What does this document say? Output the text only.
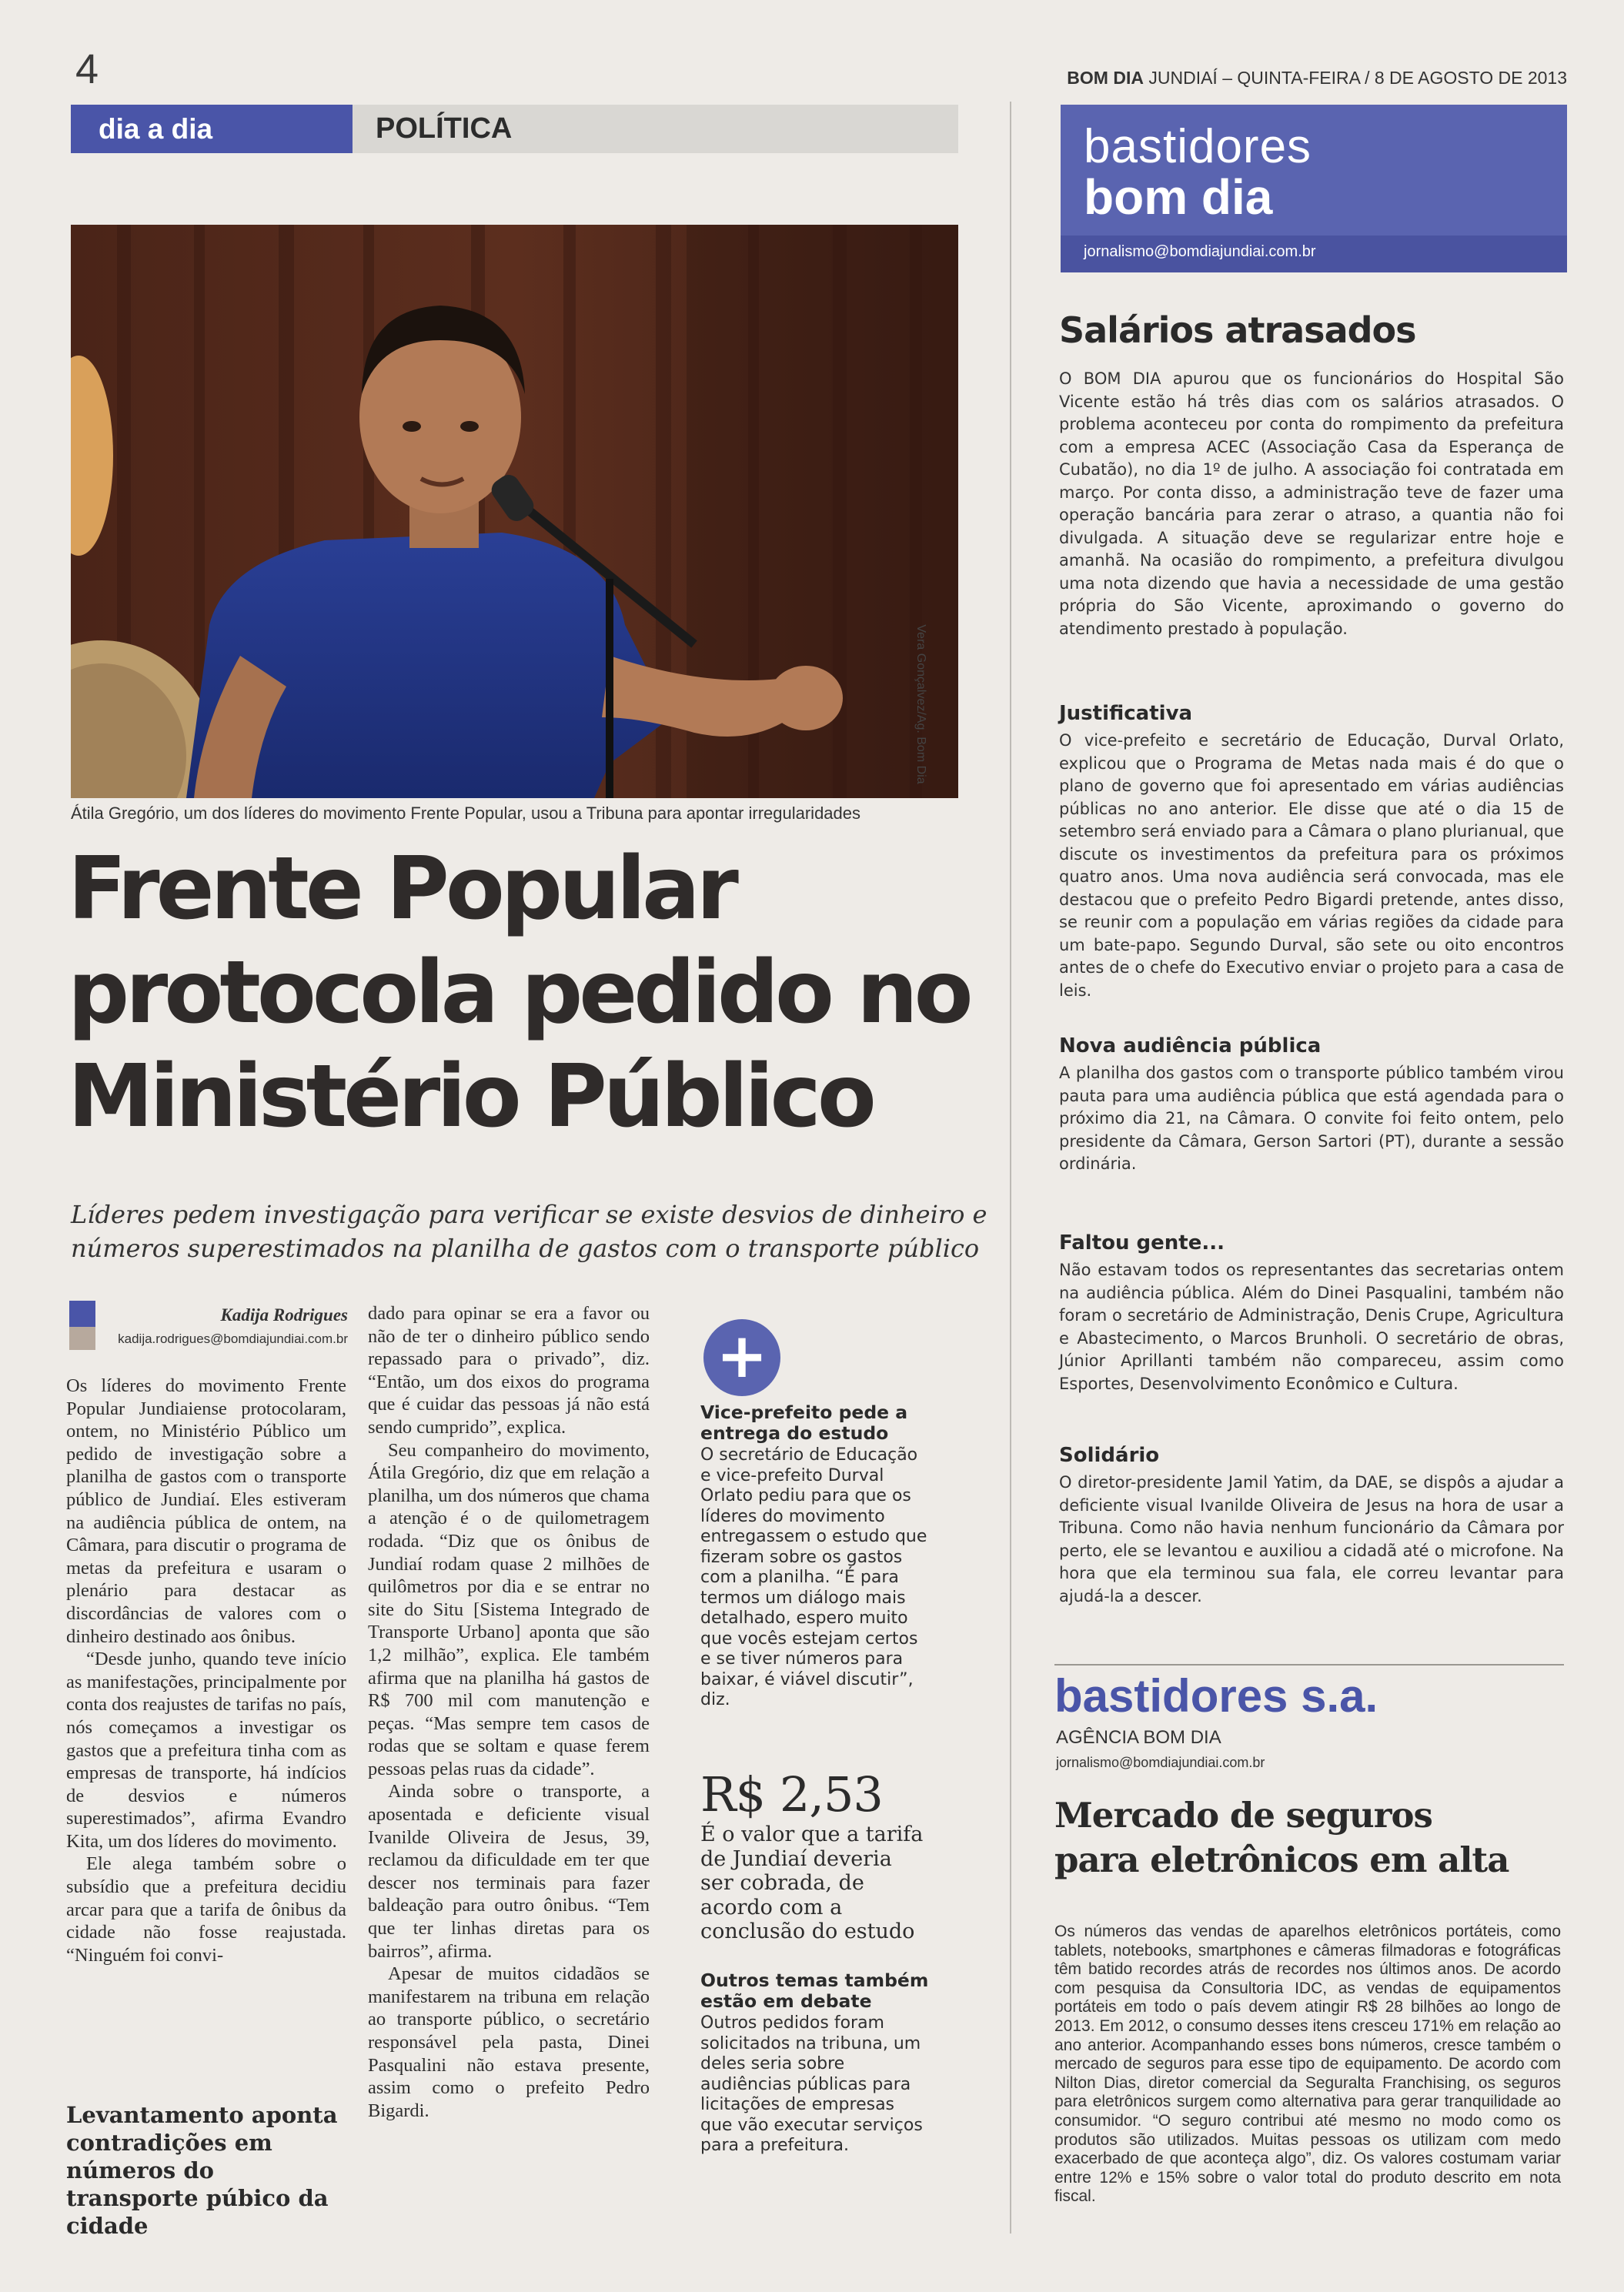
4	BOM DIA JUNDIAÍ – QUINTA-FEIRA / 8 DE AGOSTO DE 2013
dia a dia	POLÍTICA
Vera Gonçalvez/Ag. Bom Dia
Átila Gregório, um dos líderes do movimento Frente Popular, usou a Tribuna para apontar irregularidades
Frente Popular
protocola pedido no
Ministério Público
Líderes pedem investigação para verificar se existe desvios de dinheiro e
números superestimados na planilha de gastos com o transporte público
Kadija Rodrigues
kadija.rodrigues@bomdiajundiai.com.br

Os líderes do movimento Frente Popular Jundiaiense protocolaram, ontem, no Ministério Público um pedido de investigação sobre a planilha de gastos com o transporte público de Jundiaí. Eles estiveram na audiência pública de ontem, na Câmara, para discutir o programa de metas da prefeitura e usaram o plenário para destacar as discordâncias de valores com o dinheiro destinado aos ônibus.

“Desde junho, quando teve início as manifestações, principalmente por conta dos reajustes de tarifas no país, nós começamos a investigar os gastos que a prefeitura tinha com as empresas de transporte, há indícios de desvios e números superestimados”, afirma Evandro Kita, um dos líderes do movimento.

Ele alega também sobre o subsídio que a prefeitura decidiu arcar para que a tarifa de ônibus da cidade não fosse reajustada. “Ninguém foi convi-

Levantamento aponta contradições em números do transporte púbico da cidade

dado para opinar se era a favor ou não de ter o dinheiro público sendo repassado para o privado”, diz. “Então, um dos eixos do programa que é cuidar das pessoas já não está sendo cumprido”, explica.

Seu companheiro do movimento, Átila Gregório, diz que em relação a planilha, um dos números que chama a atenção é o de quilometragem rodada. “Diz que os ônibus de Jundiaí rodam quase 2 milhões de quilômetros por dia e se entrar no site do Situ [Sistema Integrado de Transporte Urbano] aponta que são 1,2 milhão”, explica. Ele também afirma que na planilha há gastos de R$ 700 mil com manutenção e peças. “Mas sempre tem casos de rodas que se soltam e quase ferem pessoas pelas ruas da cidade”.

Ainda sobre o transporte, a aposentada e deficiente visual Ivanilde Oliveira de Jesus, 39, reclamou da dificuldade em ter que descer nos terminais para fazer baldeação para outro ônibus. “Tem que ter linhas diretas para os bairros”, afirma.

Apesar de muitos cidadãos se manifestarem na tribuna em relação ao transporte público, o secretário responsável pela pasta, Dinei Pasqualini não estava presente, assim como o prefeito Pedro Bigardi.

+
Vice-prefeito pede a entrega do estudo
O secretário de Educação e vice-prefeito Durval Orlato pediu para que os líderes do movimento entregassem o estudo que fizeram sobre os gastos com a planilha. “É para termos um diálogo mais detalhado, espero muito que vocês estejam certos e se tiver números para baixar, é viável discutir”, diz.
R$ 2,53
É o valor que a tarifa de Jundiaí deveria ser cobrada, de acordo com a conclusão do estudo
Outros temas também estão em debate
Outros pedidos foram solicitados na tribuna, um deles seria sobre audiências públicas para licitações de empresas que vão executar serviços para a prefeitura.
bastidores
bom dia
jornalismo@bomdiajundiai.com.br
Salários atrasados
O BOM DIA apurou que os funcionários do Hospital São Vicente estão há três dias com os salários atrasados. O problema aconteceu por conta do rompimento da prefeitura com a empresa ACEC (Associação Casa da Esperança de Cubatão), no dia 1º de julho. A associação foi contratada em março. Por conta disso, a administração teve de fazer uma operação bancária para zerar o atraso, a quantia não foi divulgada. A situação deve se regularizar entre hoje e amanhã. Na ocasião do rompimento, a prefeitura divulgou uma nota dizendo que havia a necessidade de uma gestão própria do São Vicente, aproximando o governo do atendimento prestado à população.
Justificativa
O vice-prefeito e secretário de Educação, Durval Orlato, explicou que o Programa de Metas nada mais é do que o plano de governo que foi apresentado em várias audiências públicas no ano anterior. Ele disse que até o dia 15 de setembro será enviado para a Câmara o plano plurianual, que discute os investimentos da prefeitura para os próximos quatro anos. Uma nova audiência será convocada, mas ele destacou que o prefeito Pedro Bigardi pretende, antes disso, se reunir com a população em várias regiões da cidade para um bate-papo. Segundo Durval, são sete ou oito encontros antes de o chefe do Executivo enviar o projeto para a casa de leis.
Nova audiência pública
A planilha dos gastos com o transporte público também virou pauta para uma audiência pública que está agendada para o próximo dia 21, na Câmara. O convite foi feito ontem, pelo presidente da Câmara, Gerson Sartori (PT), durante a sessão ordinária.
Faltou gente...
Não estavam todos os representantes das secretarias ontem na audiência pública. Além do Dinei Pasqualini, também não foram o secretário de Administração, Denis Crupe, Agricultura e Abastecimento, o Marcos Brunholi. O secretário de obras, Júnior Aprillanti também não compareceu, assim como Esportes, Desenvolvimento Econômico e Cultura.
Solidário
O diretor-presidente Jamil Yatim, da DAE, se dispôs a ajudar a deficiente visual Ivanilde Oliveira de Jesus na hora de usar a Tribuna. Como não havia nenhum funcionário da Câmara por perto, ele se levantou e auxiliou a cidadã até o microfone. Na hora que ela terminou sua fala, ele correu levantar para ajudá-la a descer.
bastidores s.a.
AGÊNCIA BOM DIA
jornalismo@bomdiajundiai.com.br
Mercado de seguros
para eletrônicos em alta
Os números das vendas de aparelhos eletrônicos portáteis, como tablets, notebooks, smartphones e câmeras filmadoras e fotográficas têm batido recordes atrás de recordes nos últimos anos. De acordo com pesquisa da Consultoria IDC, as vendas de equipamentos portáteis em todo o país devem atingir R$ 28 bilhões ao longo de 2013. Em 2012, o consumo desses itens cresceu 171% em relação ao ano anterior. Acompanhando esses bons números, cresce também o mercado de seguros para esse tipo de equipamento. De acordo com Nilton Dias, diretor comercial da Seguralta Franchising, os seguros para eletrônicos surgem como alternativa para gerar tranquilidade ao consumidor. “O seguro contribui até mesmo no modo como os produtos são utilizados. Muitas pessoas os utilizam com medo exacerbado de que aconteça algo”, diz. Os valores costumam variar entre 12% e 15% sobre o valor total do produto descrito em nota fiscal.
